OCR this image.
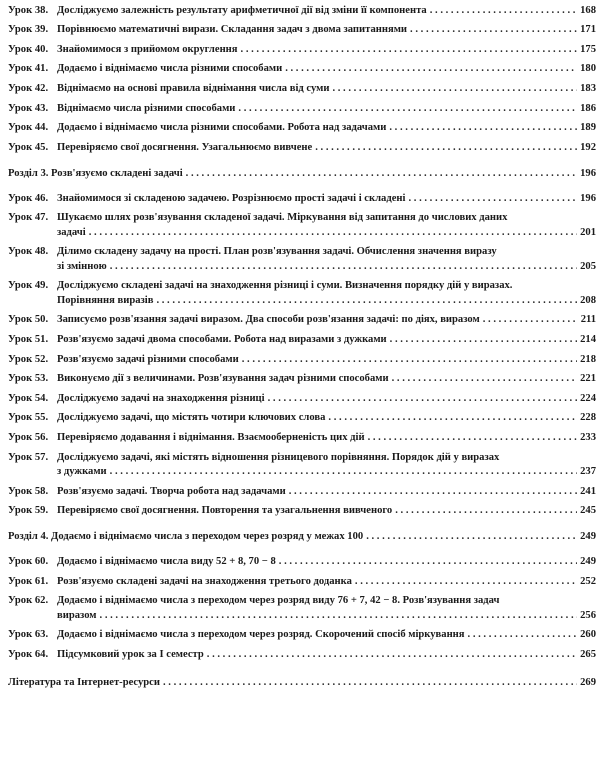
Урок 38. Досліджуємо залежність результату арифметичної дії від зміни її компонента . . .	168
Урок 39. Порівнюємо математичні вирази. Складання задач з двома запитаннями . . .	171
Урок 40. Знайомимося з прийомом округлення . . .	175
Урок 41. Додаємо і віднімаємо числа різними способами . . .	180
Урок 42. Віднімаємо на основі правила віднімання числа від суми . . .	183
Урок 43. Віднімаємо числа різними способами . . .	186
Урок 44. Додаємо і віднімаємо числа різними способами. Робота над задачами . . .	189
Урок 45. Перевіряємо свої досягнення. Узагальнюємо вивчене . . .	192
Розділ 3. Розв'язуємо складені задачі . . .	196
Урок 46. Знайомимося зі складеною задачею. Розрізнюємо прості задачі і складені . . .	196
Урок 47. Шукаємо шлях розв'язування складеної задачі. Міркування від запитання до числових даних
задачі . . .	201
Урок 48. Ділимо складену задачу на прості. План розв'язування задачі. Обчислення значення виразу
зі змінною . . .	205
Урок 49. Досліджуємо складені задачі на знаходження різниці і суми. Визначення порядку дій у виразах.
Порівняння виразів . . .	208
Урок 50. Записуємо розв'язання задачі виразом. Два способи розв'язання задачі: по діях, виразом . . .	211
Урок 51. Розв'язуємо задачі двома способами. Робота над виразами з дужками . . .	214
Урок 52. Розв'язуємо задачі різними способами . . .	218
Урок 53. Виконуємо дії з величинами. Розв'язування задач різними способами . . .	221
Урок 54. Досліджуємо задачі на знаходження різниці . . .	224
Урок 55. Досліджуємо задачі, що містять чотири ключових слова . . .	228
Урок 56. Перевіряємо додавання і віднімання. Взаємооберненість цих дій . . .	233
Урок 57. Досліджуємо задачі, які містять відношення різницевого порівняння. Порядок дій у виразах
з дужками . . .	237
Урок 58. Розв'язуємо задачі. Творча робота над задачами . . .	241
Урок 59. Перевіряємо свої досягнення. Повторення та узагальнення вивченого . . .	245
Розділ 4. Додаємо і віднімаємо числа з переходом через розряд у межах 100 . . .	249
Урок 60. Додаємо і віднімаємо числа виду 52 + 8, 70 − 8 . . .	249
Урок 61. Розв'язуємо складені задачі на знаходження третього доданка . . .	252
Урок 62. Додаємо і віднімаємо числа з переходом через розряд виду 76 + 7, 42 − 8. Розв'язування задач
виразом . . .	256
Урок 63. Додаємо і віднімаємо числа з переходом через розряд. Скорочений спосіб міркування . . .	260
Урок 64. Підсумковий урок за I семестр . . .	265
Література та Інтернет-ресурси . . .	269
